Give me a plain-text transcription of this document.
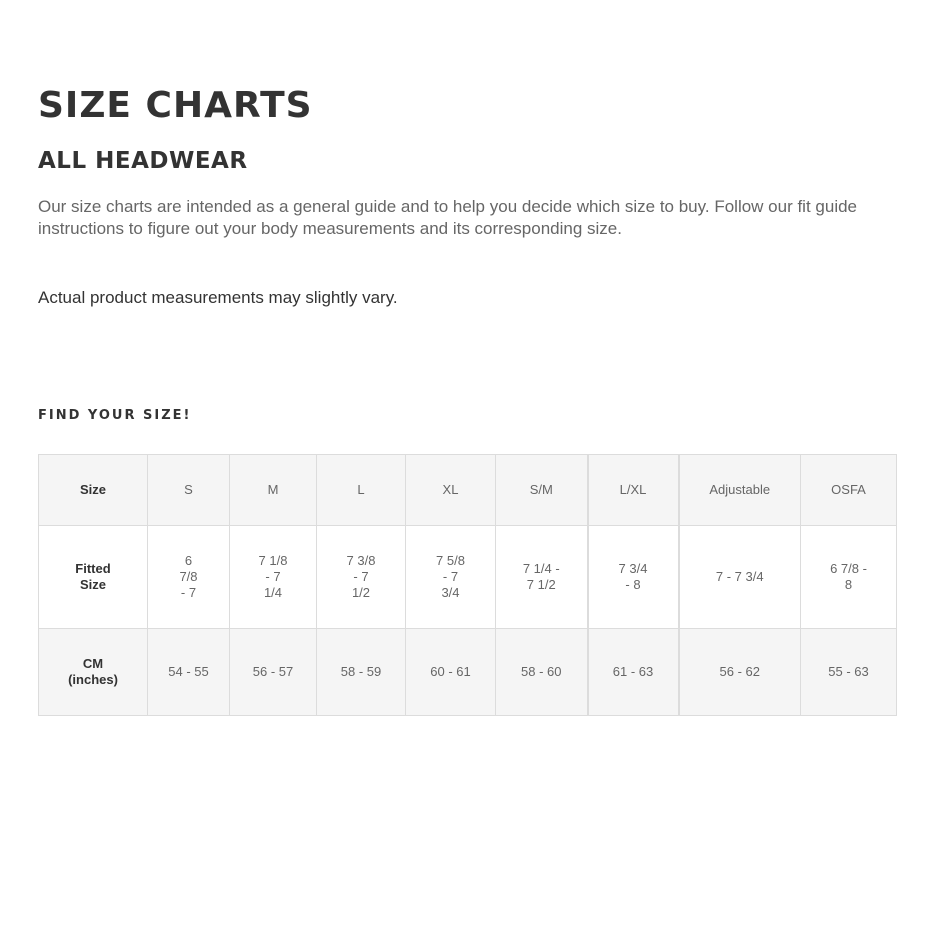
SIZE CHARTS
ALL HEADWEAR

Our size charts are intended as a general guide and to help you decide which size to buy. Follow our fit guide instructions to figure out your body measurements and its corresponding size.

Actual product measurements may slightly vary.

FIND YOUR SIZE!

Size	S	M	L	XL	S/M	L/XL	Adjustable	OSFA

Fitted Size	6 7/8 - 7	7 1/8 - 7 1/4	7 3/8 - 7 1/2	7 5/8 - 7 3/4	7 1/4 - 7 1/2	7 3/4 - 8	7 - 7 3/4	6 7/8 - 8

CM (inches)	54 - 55	56 - 57	58 - 59	60 - 61	58 - 60	61 - 63	56 - 62	55 - 63
